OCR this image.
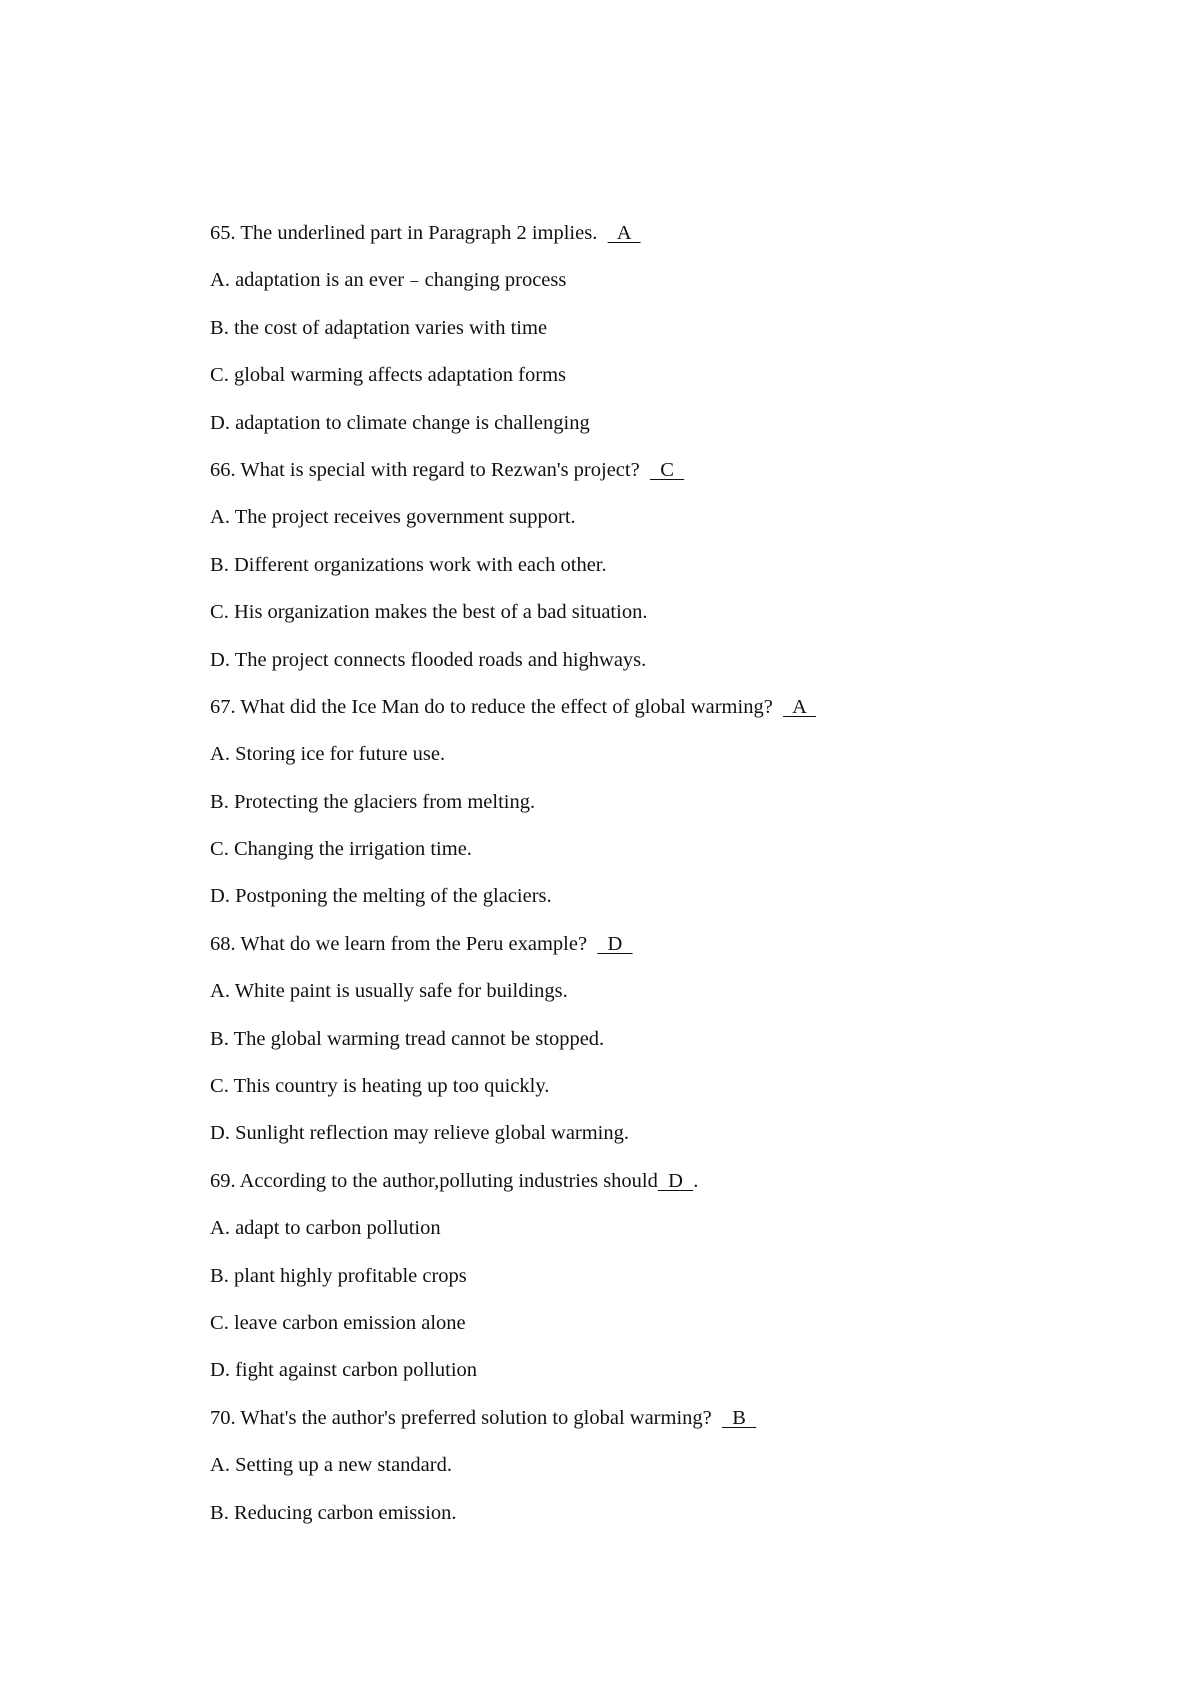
65. The underlined part in Paragraph 2 implies.    A
A. adaptation is an ever﹣changing process
B. the cost of adaptation varies with time
C. global warming affects adaptation forms
D. adaptation to climate change is challenging
66. What is special with regard to Rezwan's project?    C
A. The project receives government support.
B. Different organizations work with each other.
C. His organization makes the best of a bad situation.
D. The project connects flooded roads and highways.
67. What did the Ice Man do to reduce the effect of global warming?    A
A. Storing ice for future use.
B. Protecting the glaciers from melting.
C. Changing the irrigation time.
D. Postponing the melting of the glaciers.
68. What do we learn from the Peru example?    D
A. White paint is usually safe for buildings.
B. The global warming tread cannot be stopped.
C. This country is heating up too quickly.
D. Sunlight reflection may relieve global warming.
69. According to the author,polluting industries should  D  .
A. adapt to carbon pollution
B. plant highly profitable crops
C. leave carbon emission alone
D. fight against carbon pollution
70. What's the author's preferred solution to global warming?    B
A. Setting up a new standard.
B. Reducing carbon emission.
